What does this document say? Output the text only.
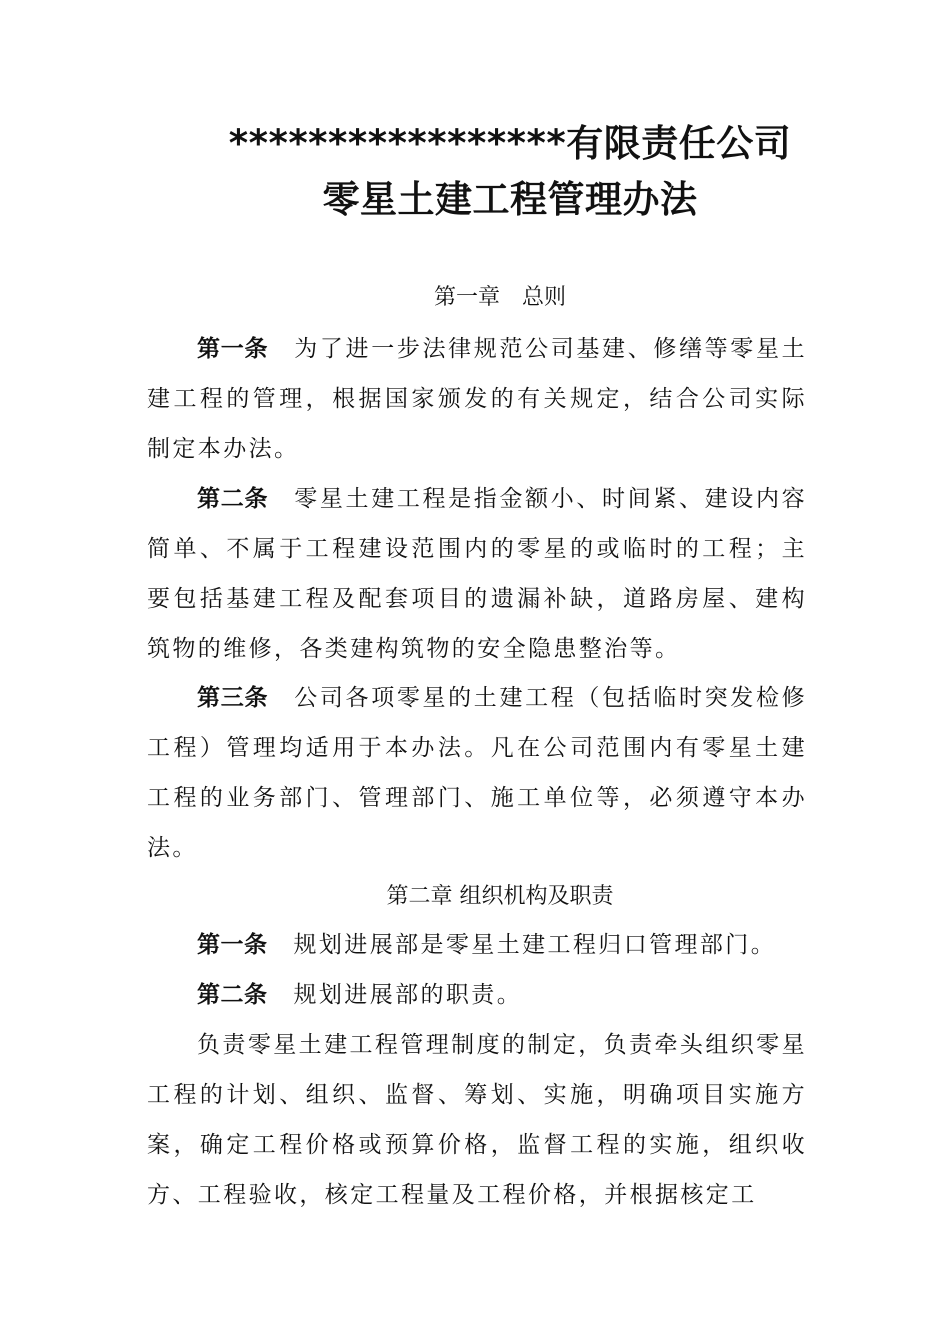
*****************有限责任公司
零星土建工程管理办法
第一章　总则

第一条 为了进一步法律规范公司基建、修缮等零星土建工程的管理，根据国家颁发的有关规定，结合公司实际制定本办法。

第二条 零星土建工程是指金额小、时间紧、建设内容简单、不属于工程建设范围内的零星的或临时的工程；主要包括基建工程及配套项目的遗漏补缺，道路房屋、建构筑物的维修，各类建构筑物的安全隐患整治等。

第三条 公司各项零星的土建工程（包括临时突发检修工程）管理均适用于本办法。凡在公司范围内有零星土建工程的业务部门、管理部门、施工单位等，必须遵守本办法。

第二章 组织机构及职责

第一条 规划进展部是零星土建工程归口管理部门。

第二条 规划进展部的职责。

负责零星土建工程管理制度的制定，负责牵头组织零星工程的计划、组织、监督、筹划、实施，明确项目实施方案，确定工程价格或预算价格，监督工程的实施，组织收方、工程验收，核定工程量及工程价格，并根据核定工
